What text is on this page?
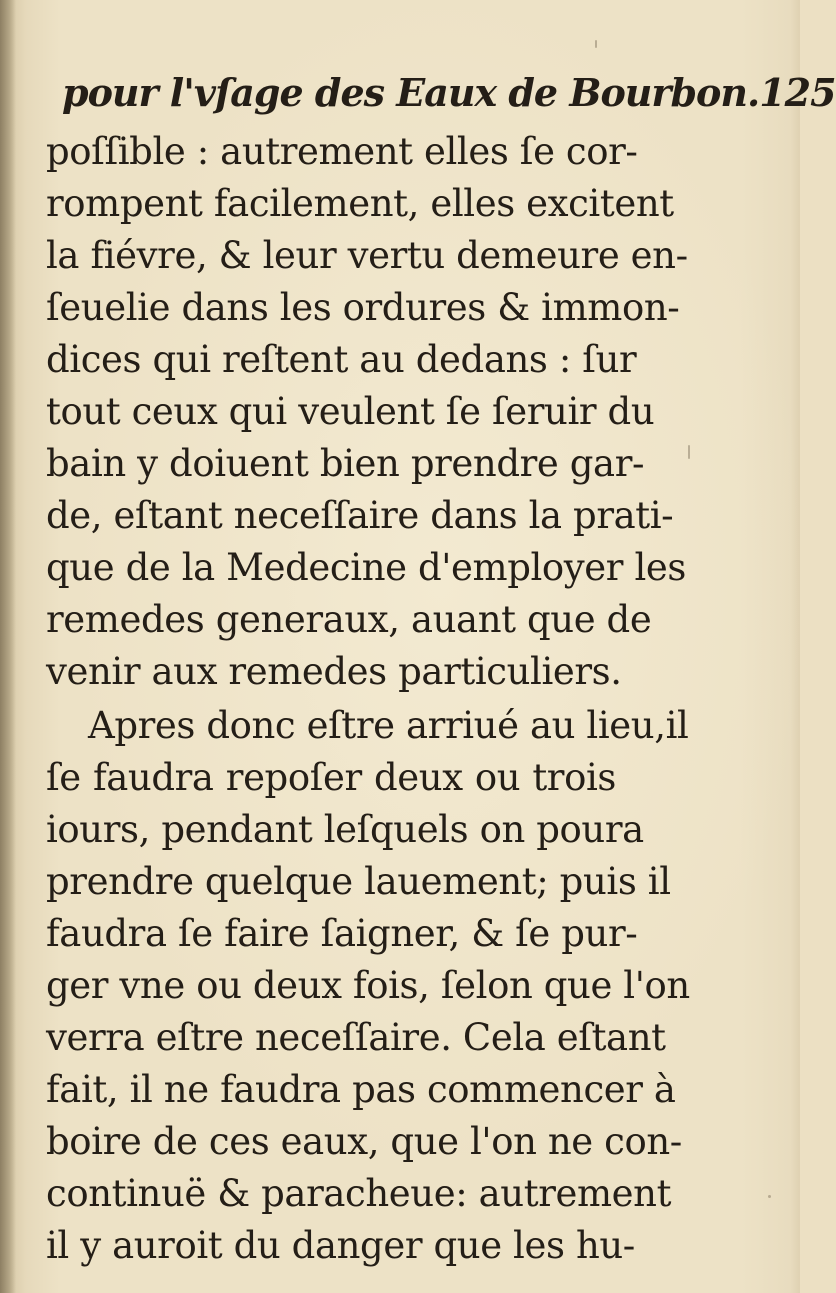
pour l'vſage des Eaux de Bourbon.125
poſſible : autrement elles ſe cor-
rompent facilement, elles excitent
la fiévre, & leur vertu demeure en-
ſeuelie dans les ordures & immon-
dices qui reſtent au dedans : ſur
tout ceux qui veulent ſe ſeruir du
bain y doiuent bien prendre gar-
de, eſtant neceſſaire dans la prati-
que de la Medecine d'employer les
remedes generaux, auant que de
venir aux remedes particuliers.
Apres donc eſtre arriué au lieu,il
ſe faudra repoſer deux ou trois
iours, pendant leſquels on poura
prendre quelque lauement; puis il
faudra ſe faire ſaigner, & ſe pur-
ger vne ou deux fois, ſelon que l'on
verra eſtre neceſſaire. Cela eſtant
fait, il ne faudra pas commencer à
boire de ces eaux, que l'on ne con-
continuë & paracheue: autrement
il y auroit du danger que les hu-
